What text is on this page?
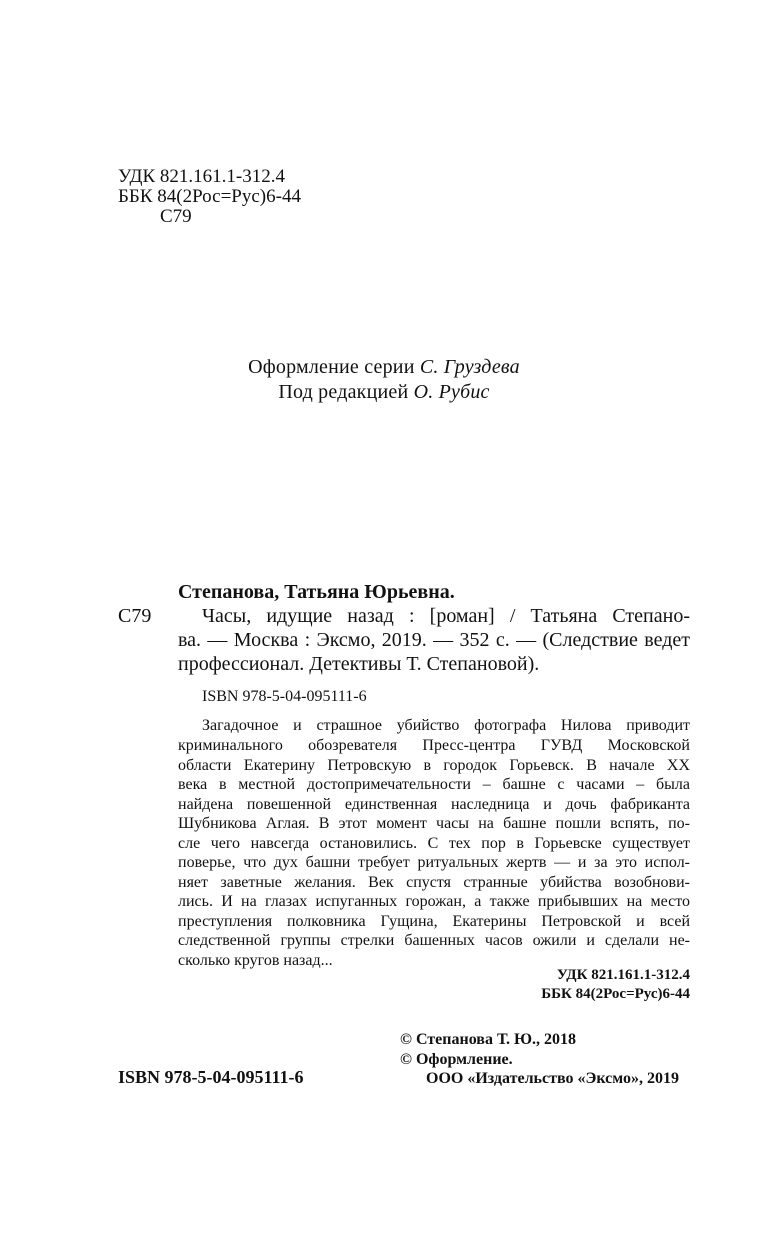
УДК 821.161.1-312.4
ББК 84(2Рос=Рус)6-44
С79
Оформление серии С. Груздева
Под редакцией О. Рубис
Степанова, Татьяна Юрьевна.
С79	Часы, идущие назад : [роман] / Татьяна Степано-
ва. — Москва : Эксмо, 2019. — 352 с. — (Следствие ведет
профессионал. Детективы Т. Степановой).
ISBN 978-5-04-095111-6
Загадочное и страшное убийство фотографа Нилова приводит
криминального обозревателя Пресс-центра ГУВД Московской
области Екатерину Петровскую в городок Горьевск. В начале XX
века в местной достопримечательности – башне с часами – была
найдена повешенной единственная наследница и дочь фабриканта
Шубникова Аглая. В этот момент часы на башне пошли вспять, по-
сле чего навсегда остановились. С тех пор в Горьевске существует
поверье, что дух башни требует ритуальных жертв — и за это испол-
няет заветные желания. Век спустя странные убийства возобнови-
лись. И на глазах испуганных горожан, а также прибывших на место
преступления полковника Гущина, Екатерины Петровской и всей
следственной группы стрелки башенных часов ожили и сделали не-
сколько кругов назад...
УДК 821.161.1-312.4
ББК 84(2Рос=Рус)6-44
© Степанова Т. Ю., 2018
© Оформление.
ООО «Издательство «Эксмо», 2019
ISBN 978-5-04-095111-6
